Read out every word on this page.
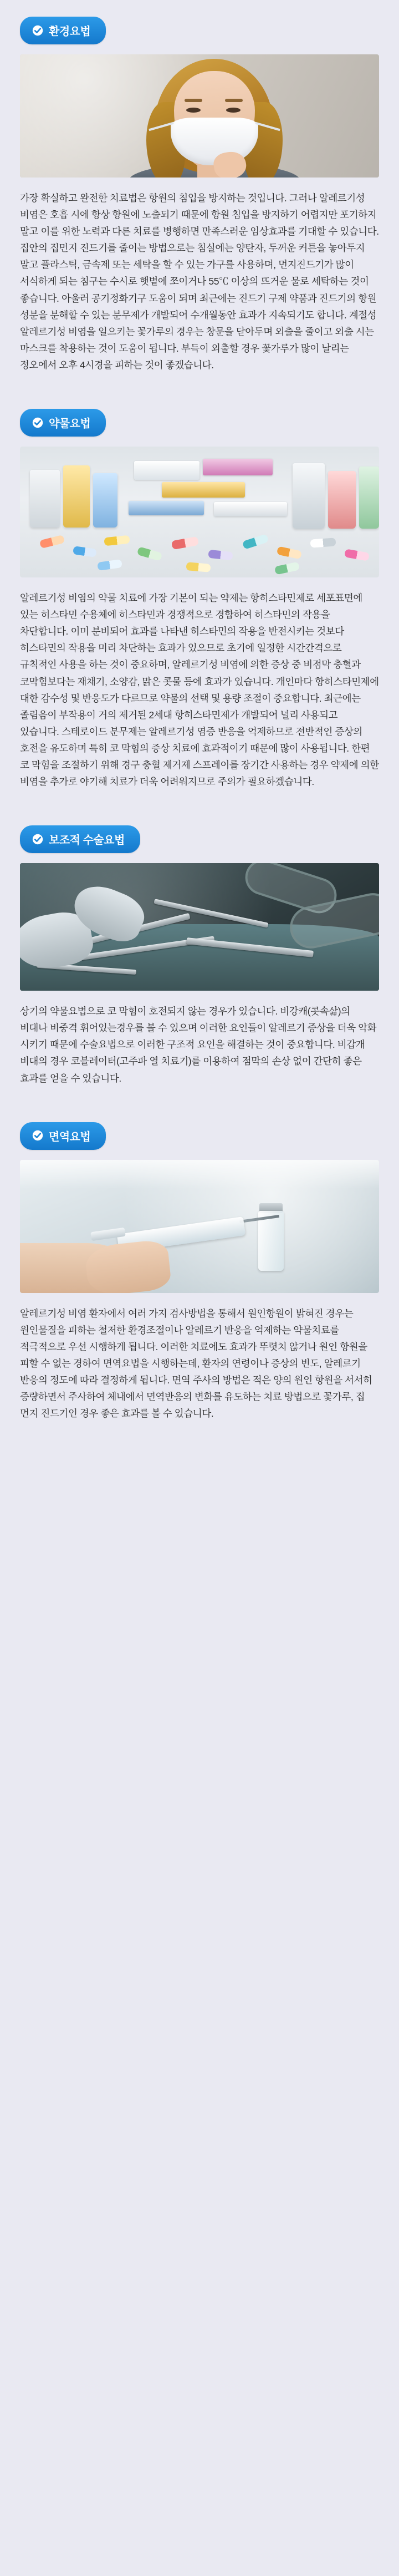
환경요법

가장 확실하고 완전한 치료법은 항원의 침입을 방지하는 것입니다. 그러나 알레르기성 비염은 호흡 시에 항상 항원에 노출되기 때문에 항원 침입을 방지하기 어렵지만 포기하지 말고 이를 위한 노력과 다른 치료를 병행하면 만족스러운 임상효과를 기대할 수 있습니다. 집안의 집먼지 진드기를 줄이는 방법으로는 침실에는 양탄자, 두꺼운 커튼을 놓아두지 말고 플라스틱, 금속제 또는 세탁을 할 수 있는 가구를 사용하며, 먼지진드기가 많이 서식하게 되는 침구는 수시로 햇볕에 쪼이거나 55℃ 이상의 뜨거운 물로 세탁하는 것이 좋습니다. 아울러 공기정화기구 도움이 되며 최근에는 진드기 구제 약품과 진드기의 항원 성분을 분해할 수 있는 분무제가 개발되어 수개월동안 효과가 지속되기도 합니다. 계절성 알레르기성 비염을 일으키는 꽃가루의 경우는 창문을 닫아두며 외출을 줄이고 외출 시는 마스크를 착용하는 것이 도움이 됩니다. 부득이 외출할 경우 꽃가루가 많이 날리는 정오에서 오후 4시경을 피하는 것이 좋겠습니다.

약물요법

알레르기성 비염의 약물 치료에 가장 기본이 되는 약제는 항히스타민제로 세포표면에 있는 히스타민 수용체에 히스타민과 경쟁적으로 경합하여 히스타민의 작용을 차단합니다. 이미 분비되어 효과를 나타낸 히스타민의 작용을 반전시키는 것보다 히스타민의 작용을 미리 차단하는 효과가 있으므로 초기에 일정한 시간간격으로 규칙적인 사용을 하는 것이 중요하며, 알레르기성 비염에 의한 증상 중 비점막 충혈과 코막힘보다는 재채기, 소양감, 맑은 콧물 등에 효과가 있습니다. 개인마다 항히스타민제에 대한 감수성 및 반응도가 다르므로 약물의 선택 및 용량 조절이 중요합니다. 최근에는 졸림음이 부작용이 거의 제거된 2세대 항히스타민제가 개발되어 널리 사용되고 있습니다. 스테로이드 분무제는 알레르기성 염증 반응을 억제하므로 전반적인 증상의 호전을 유도하며 특히 코 막힘의 증상 치료에 효과적이기 때문에 많이 사용됩니다. 한편 코 막힘을 조절하기 위해 경구 충혈 제거제 스프레이를 장기간 사용하는 경우 약제에 의한 비염을 추가로 야기해 치료가 더욱 어려워지므로 주의가 필요하겠습니다.

보조적 수술요법

상기의 약물요법으로 코 막힘이 호전되지 않는 경우가 있습니다. 비강캐(콧속삶)의 비대나 비중격 휘어있는경우를 볼 수 있으며 이러한 요인들이 알레르기 증상을 더욱 악화 시키기 때문에 수술요법으로 이러한 구조적 요인을 해결하는 것이 중요합니다. 비갑개 비대의 경우 코블레이터(고주파 열 치료기)를 이용하여 점막의 손상 없이 간단히 좋은 효과를 얻을 수 있습니다.

면역요법

알레르기성 비염 환자에서 여러 가지 검사방법을 통해서 원인항원이 밝혀진 경우는 원인물질을 피하는 철저한 환경조절이나 알레르기 반응을 억제하는 약물치료를 적극적으로 우선 시행하게 됩니다. 이러한 치료에도 효과가 뚜렷치 않거나 원인 항원을 피할 수 없는 경하여 면역요법을 시행하는데, 환자의 연령이나 증상의 빈도, 알레르기 반응의 정도에 따라 결정하게 됩니다. 면역 주사의 방법은 적은 양의 원인 항원을 서서히 증량하면서 주사하여 체내에서 면역반응의 변화를 유도하는 치료 방법으로 꽃가루, 집 먼지 진드기인 경우 좋은 효과를 볼 수 있습니다.
